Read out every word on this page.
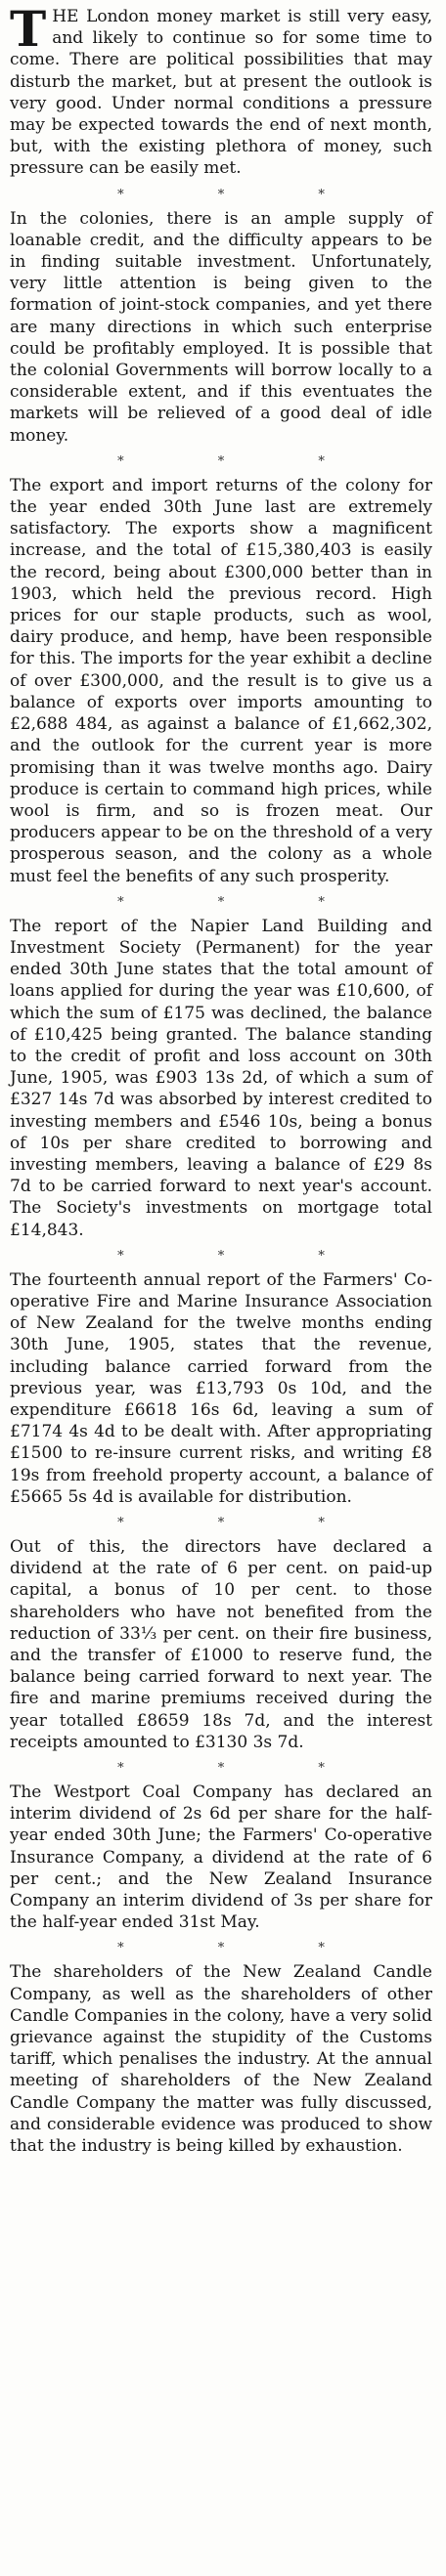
THE London money market is still very easy, and likely to continue so for some time to come. There are political possibilities that may disturb the market, but at present the outlook is very good. Under normal conditions a pressure may be expected towards the end of next month, but, with the existing plethora of money, such pressure can be easily met.

* * *

In the colonies, there is an ample supply of loanable credit, and the difficulty appears to be in finding suitable investment. Unfortunately, very little attention is being given to the formation of joint-stock companies, and yet there are many directions in which such enterprise could be profitably employed. It is possible that the colonial Governments will borrow locally to a considerable extent, and if this eventuates the markets will be relieved of a good deal of idle money.

* * *

The export and import returns of the colony for the year ended 30th June last are extremely satisfactory. The exports show a magnificent increase, and the total of £15,380,403 is easily the record, being about £300,000 better than in 1903, which held the previous record. High prices for our staple products, such as wool, dairy produce, and hemp, have been responsible for this. The imports for the year exhibit a decline of over £300,000, and the result is to give us a balance of exports over imports amounting to £2,688 484, as against a balance of £1,662,302, and the outlook for the current year is more promising than it was twelve months ago. Dairy produce is certain to command high prices, while wool is firm, and so is frozen meat. Our producers appear to be on the threshold of a very prosperous season, and the colony as a whole must feel the benefits of any such prosperity.

* * *

The report of the Napier Land Building and Investment Society (Permanent) for the year ended 30th June states that the total amount of loans applied for during the year was £10,600, of which the sum of £175 was declined, the balance of £10,425 being granted. The balance standing to the credit of profit and loss account on 30th June, 1905, was £903 13s 2d, of which a sum of £327 14s 7d was absorbed by interest credited to investing members and £546 10s, being a bonus of 10s per share credited to borrowing and investing members, leaving a balance of £29 8s 7d to be carried forward to next year's account. The Society's investments on mortgage total £14,843.

* * *

The fourteenth annual report of the Farmers' Co-operative Fire and Marine Insurance Association of New Zealand for the twelve months ending 30th June, 1905, states that the revenue, including balance carried forward from the previous year, was £13,793 0s 10d, and the expenditure £6618 16s 6d, leaving a sum of £7174 4s 4d to be dealt with. After appropriating £1500 to re-insure current risks, and writing £8 19s from freehold property account, a balance of £5665 5s 4d is available for distribution.

* * *

Out of this, the directors have declared a dividend at the rate of 6 per cent. on paid-up capital, a bonus of 10 per cent. to those shareholders who have not benefited from the reduction of 33⅓ per cent. on their fire business, and the transfer of £1000 to reserve fund, the balance being carried forward to next year. The fire and marine premiums received during the year totalled £8659 18s 7d, and the interest receipts amounted to £3130 3s 7d.

* * *

The Westport Coal Company has declared an interim dividend of 2s 6d per share for the half-year ended 30th June; the Farmers' Co-operative Insurance Company, a dividend at the rate of 6 per cent.; and the New Zealand Insurance Company an interim dividend of 3s per share for the half-year ended 31st May.

* * *

The shareholders of the New Zealand Candle Company, as well as the shareholders of other Candle Companies in the colony, have a very solid grievance against the stupidity of the Customs tariff, which penalises the industry. At the annual meeting of shareholders of the New Zealand Candle Company the matter was fully discussed, and considerable evidence was produced to show that the industry is being killed by exhaustion.
